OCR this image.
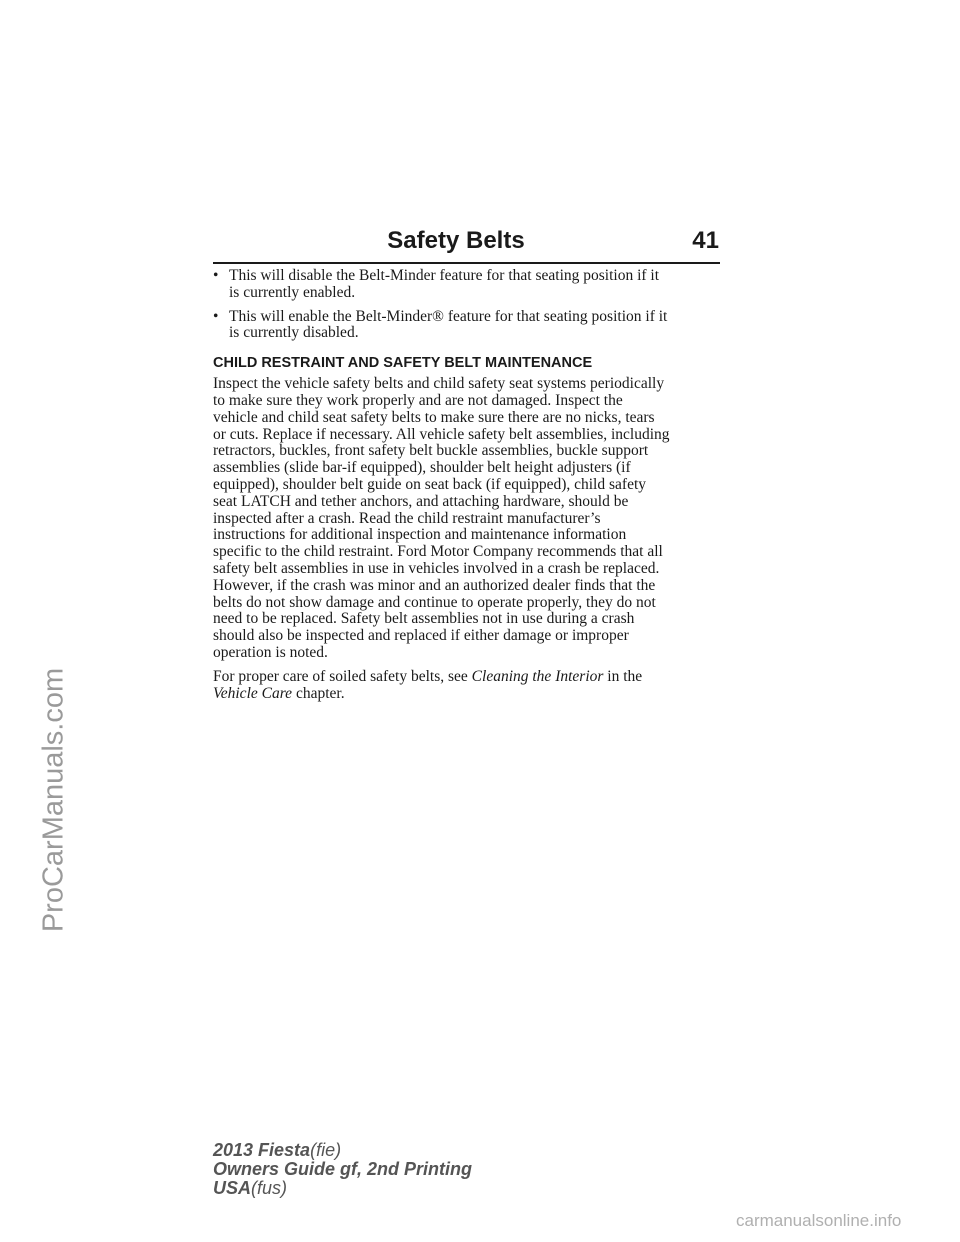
Safety Belts	41
• This will disable the Belt-Minder feature for that seating position if it
is currently enabled.
• This will enable the Belt-Minder® feature for that seating position if it
is currently disabled.
CHILD RESTRAINT AND SAFETY BELT MAINTENANCE
Inspect the vehicle safety belts and child safety seat systems periodically
to make sure they work properly and are not damaged. Inspect the
vehicle and child seat safety belts to make sure there are no nicks, tears
or cuts. Replace if necessary. All vehicle safety belt assemblies, including
retractors, buckles, front safety belt buckle assemblies, buckle support
assemblies (slide bar-if equipped), shoulder belt height adjusters (if
equipped), shoulder belt guide on seat back (if equipped), child safety
seat LATCH and tether anchors, and attaching hardware, should be
inspected after a crash. Read the child restraint manufacturer’s
instructions for additional inspection and maintenance information
specific to the child restraint. Ford Motor Company recommends that all
safety belt assemblies in use in vehicles involved in a crash be replaced.
However, if the crash was minor and an authorized dealer finds that the
belts do not show damage and continue to operate properly, they do not
need to be replaced. Safety belt assemblies not in use during a crash
should also be inspected and replaced if either damage or improper
operation is noted.
For proper care of soiled safety belts, see Cleaning the Interior in the
Vehicle Care chapter.
ProCarManuals.com
2013 Fiesta(fie)
Owners Guide gf, 2nd Printing
USA(fus)
carmanualsonline.info
